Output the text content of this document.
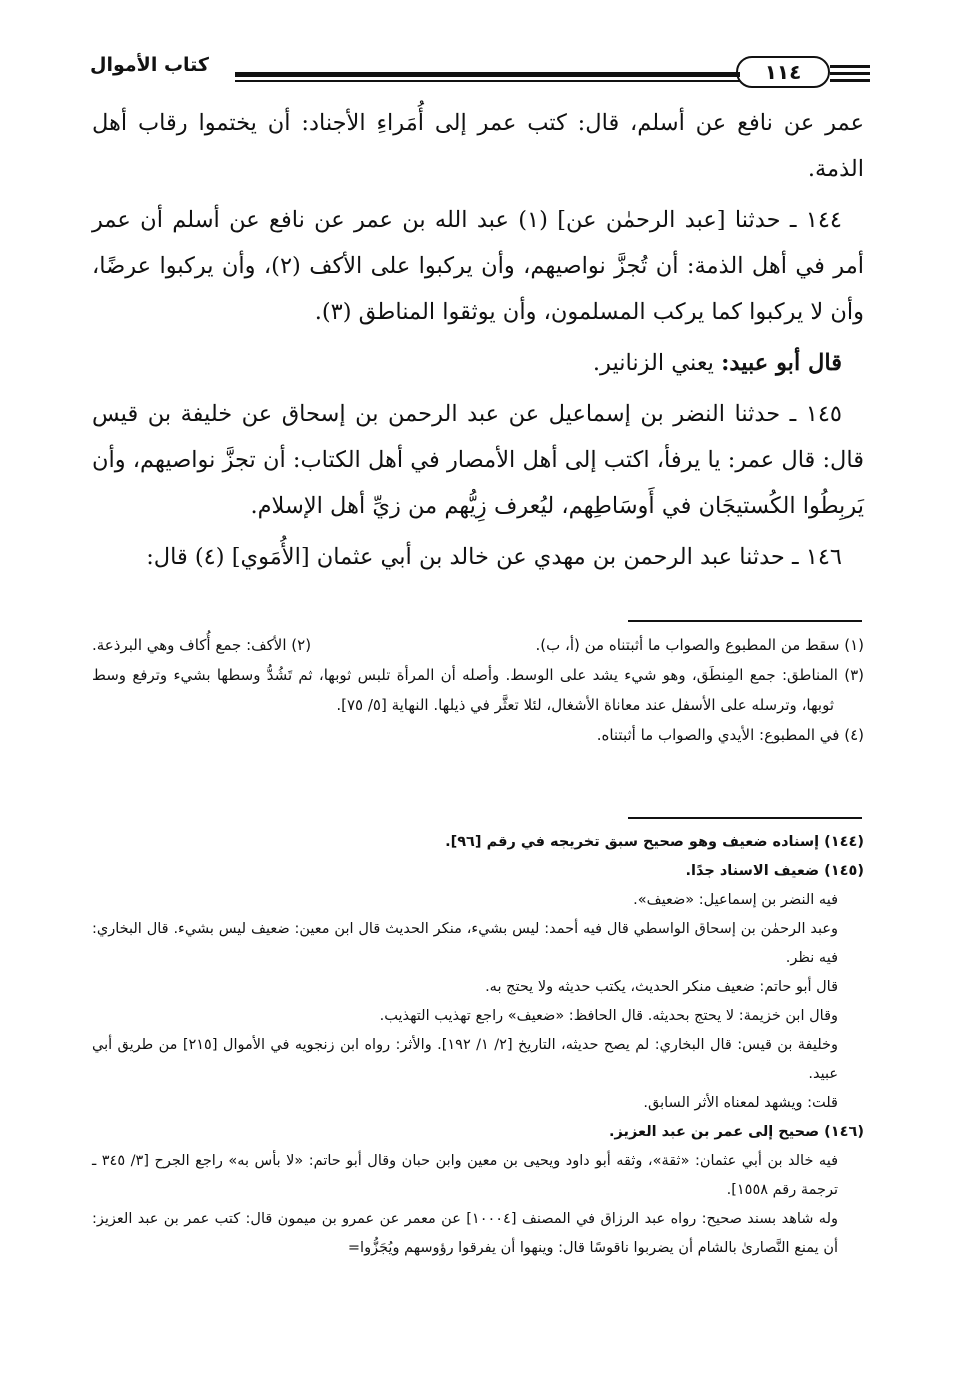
كتاب الأموال	١١٤

عمر عن نافع عن أسلم، قال: كتب عمر إلى أُمَراءِ الأجناد: أن يختموا رقاب أهل الذمة.

١٤٤ ـ حدثنا [عبد الرحمٰن عن] (١) عبد الله بن عمر عن نافع عن أسلم أن عمر أمر في أهل الذمة: أن تُجزَّ نواصيهم، وأن يركبوا على الأكف (٢)، وأن يركبوا عرضًا، وأن لا يركبوا كما يركب المسلمون، وأن يوثقوا المناطق (٣).

قال أبو عبيد: يعني الزنانير.

١٤٥ ـ حدثنا النضر بن إسماعيل عن عبد الرحمن بن إسحاق عن خليفة بن قيس قال: قال عمر: يا يرفأ، اكتب إلى أهل الأمصار في أهل الكتاب: أن تجزَّ نواصيهم، وأن يَربِطُوا الكُستيجَان في أَوسَاطِهم، ليُعرف زِيُّهم من زيِّ أهل الإسلام.

١٤٦ ـ حدثنا عبد الرحمن بن مهدي عن خالد بن أبي عثمان [الأُمَوي] (٤) قال:

(١) سقط من المطبوع والصواب ما أثبتناه من (أ، ب).
(٢) الأكف: جمع أُكاف وهي البرذعة.

(٣) المناطق: جمع المِنطَق، وهو شيء يشد على الوسط. وأصله أن المرأة تلبس ثوبها، ثم تَشُدُّ وسطها بشيء وترفع وسط ثوبها، وترسله على الأسفل عند معاناة الأشغال، لئلا تعثَّر في ذيلها. النهاية [٥/ ٧٥].

(٤) في المطبوع: الأيدي والصواب ما أثبتناه.

(١٤٤) إسناده ضعيف وهو صحيح سبق تخريجه في رقم [٩٦].

(١٤٥) ضعيف الاسناد جدًا.

فيه النضر بن إسماعيل: «ضعيف».

وعبد الرحمٰن بن إسحاق الواسطي قال فيه أحمد: ليس بشيء، منكر الحديث قال ابن معين: ضعيف ليس بشيء. قال البخاري: فيه نظر.

قال أبو حاتم: ضعيف منكر الحديث، يكتب حديثه ولا يحتج به.

وقال ابن خزيمة: لا يحتج بحديثه. قال الحافظ: «ضعيف» راجع تهذيب التهذيب.

وخليفة بن قيس: قال البخاري: لم يصح حديثه، التاريخ [٢/ ١/ ١٩٢]. والأثر: رواه ابن زنجويه في الأموال [٢١٥] من طريق أبي عبيد.

قلت: ويشهد لمعناه الأثر السابق.

(١٤٦) صحيح إلى عمر بن عبد العزيز.

فيه خالد بن أبي عثمان: «ثقة»، وثقه أبو داود ويحيى بن معين وابن حبان وقال أبو حاتم: «لا بأس به» راجع الجرح [٣/ ٣٤٥ ـ ترجمة رقم ١٥٥٨].

وله شاهد بسند صحيح: رواه عبد الرزاق في المصنف [١٠٠٠٤] عن معمر عن عمرو بن ميمون قال: كتب عمر بن عبد العزيز: أن يمنع النَّصارىٰ بالشام أن يضربوا ناقوسًا قال: وينهوا أن يفرقوا رؤوسهم ويُجَزُّوا=
